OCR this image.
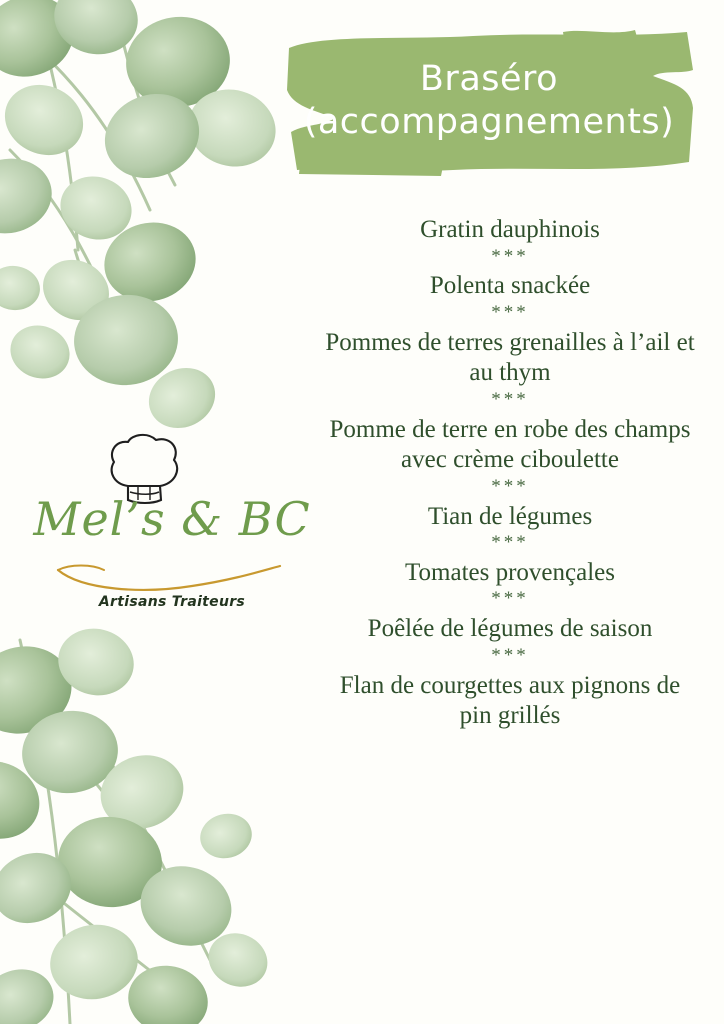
Braséro
(accompagnements)

Gratin dauphinois

***

Polenta snackée

***

Pommes de terres grenailles à l’ail et au thym

***

Pomme de terre en robe des champs avec crème ciboulette

***

Tian de légumes

***

Tomates provençales

***

Poêlée de légumes de saison

***

Flan de courgettes aux pignons de pin grillés

Mel’s & BC
Artisans Traiteurs
